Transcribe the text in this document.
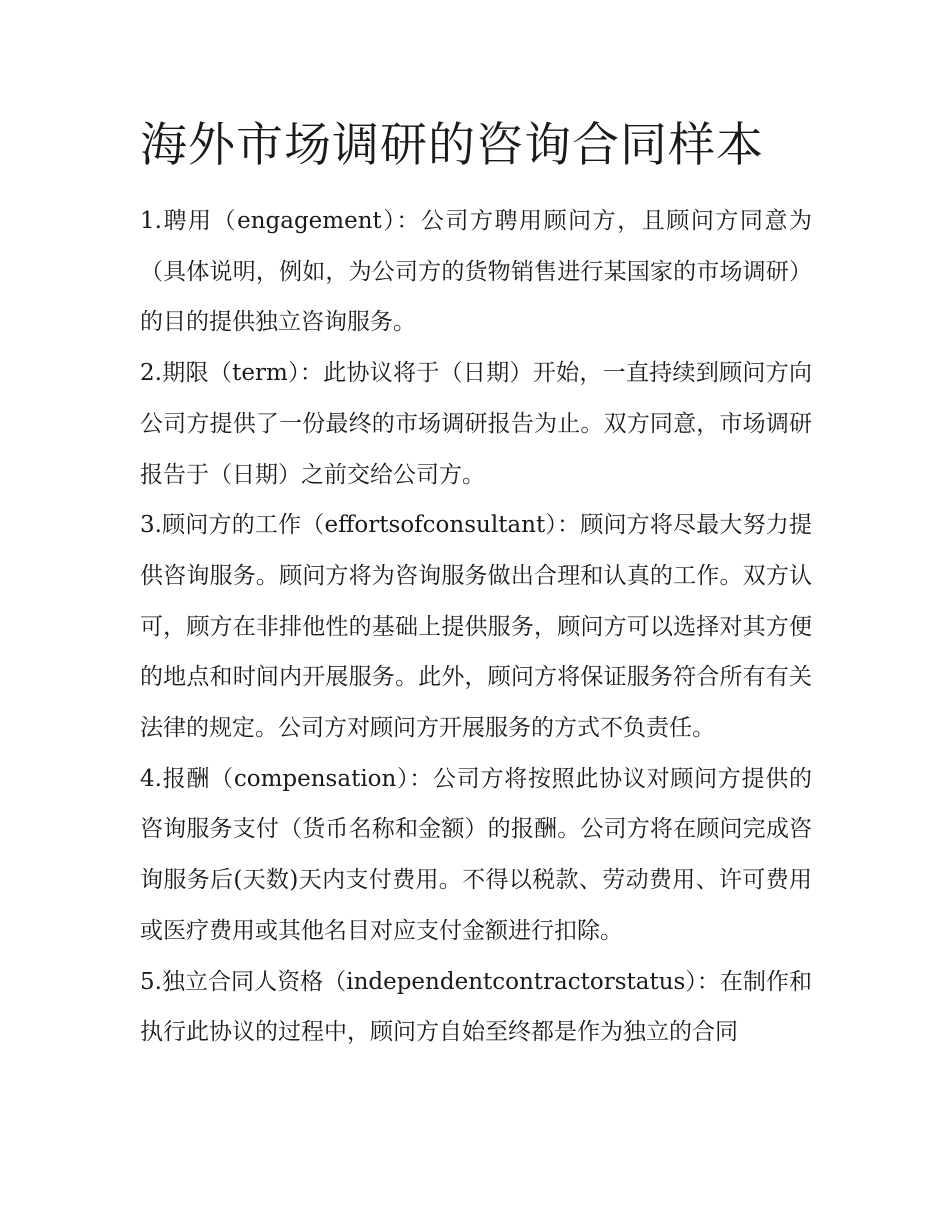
海外市场调研的咨询合同样本

1.聘用（engagement）：公司方聘用顾问方，且顾问方同意为（具体说明，例如，为公司方的货物销售进行某国家的市场调研）的目的提供独立咨询服务。

2.期限（term）：此协议将于（日期）开始，一直持续到顾问方向公司方提供了一份最终的市场调研报告为止。双方同意，市场调研报告于（日期）之前交给公司方。

3.顾问方的工作（effortsofconsultant）：顾问方将尽最大努力提供咨询服务。顾问方将为咨询服务做出合理和认真的工作。双方认可，顾方在非排他性的基础上提供服务，顾问方可以选择对其方便的地点和时间内开展服务。此外，顾问方将保证服务符合所有有关法律的规定。公司方对顾问方开展服务的方式不负责任。

4.报酬（compensation）：公司方将按照此协议对顾问方提供的咨询服务支付（货币名称和金额）的报酬。公司方将在顾问完成咨询服务后(天数)天内支付费用。不得以税款、劳动费用、许可费用或医疗费用或其他名目对应支付金额进行扣除。

5.独立合同人资格（independentcontractorstatus）：在制作和执行此协议的过程中，顾问方自始至终都是作为独立的合同
